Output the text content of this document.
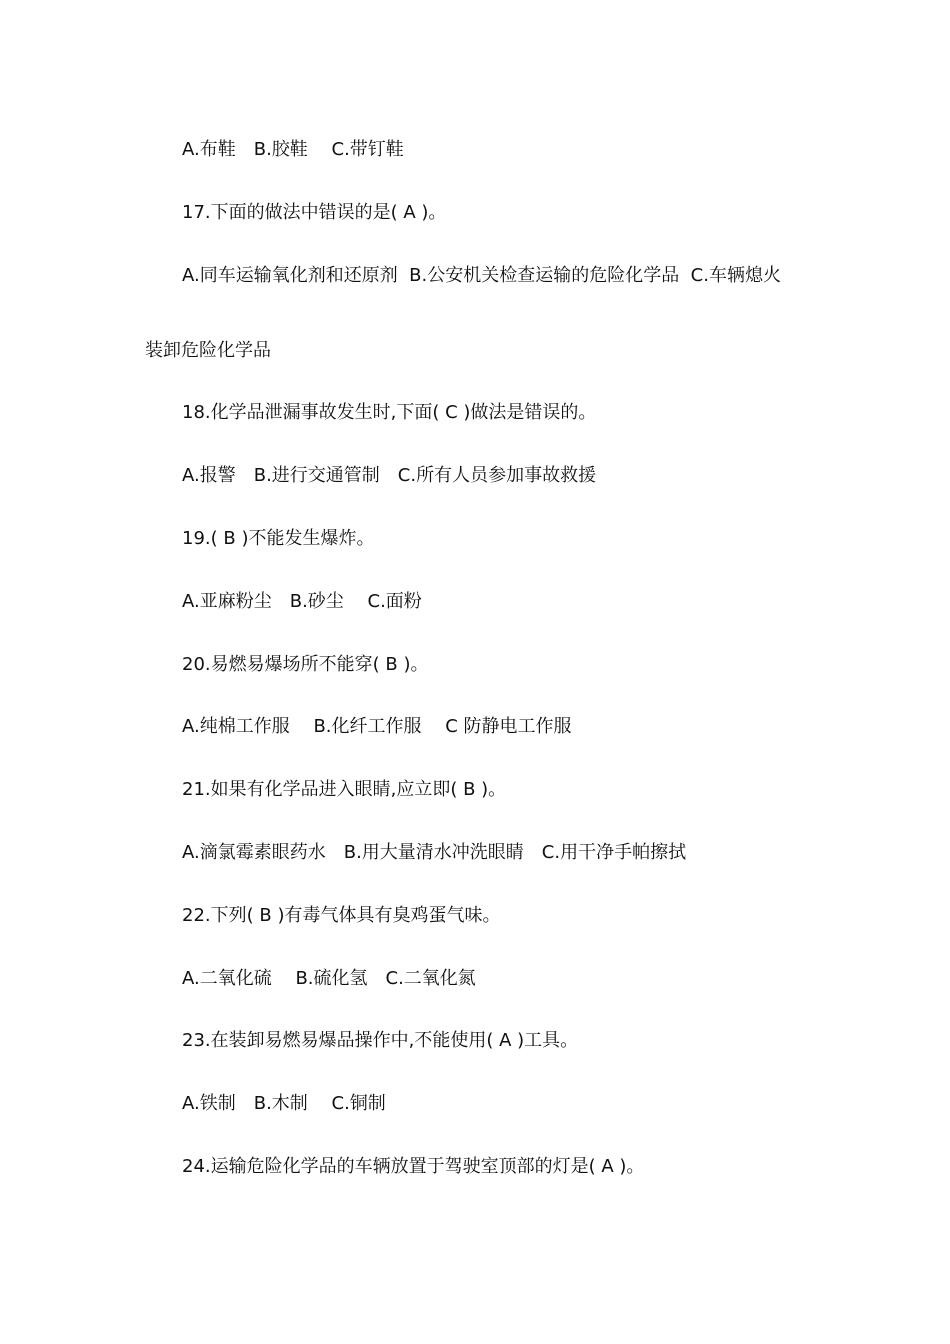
A.布鞋　B.胶鞋　 C.带钉鞋
17.下面的做法中错误的是( A )。
A.同车运输氧化剂和还原剂  B.公安机关检查运输的危险化学品  C.车辆熄火
装卸危险化学品
18.化学品泄漏事故发生时,下面( C )做法是错误的。
A.报警　B.进行交通管制　C.所有人员参加事故救援
19.( B )不能发生爆炸。
A.亚麻粉尘　B.砂尘　 C.面粉
20.易燃易爆场所不能穿( B )。
A.纯棉工作服　 B.化纤工作服　 C 防静电工作服
21.如果有化学品进入眼睛,应立即( B )。
A.滴氯霉素眼药水　B.用大量清水冲洗眼睛　C.用干净手帕擦拭
22.下列( B )有毒气体具有臭鸡蛋气味。
A.二氧化硫　 B.硫化氢　C.二氧化氮
23.在装卸易燃易爆品操作中,不能使用( A )工具。
A.铁制　B.木制　 C.铜制
24.运输危险化学品的车辆放置于驾驶室顶部的灯是( A )。
